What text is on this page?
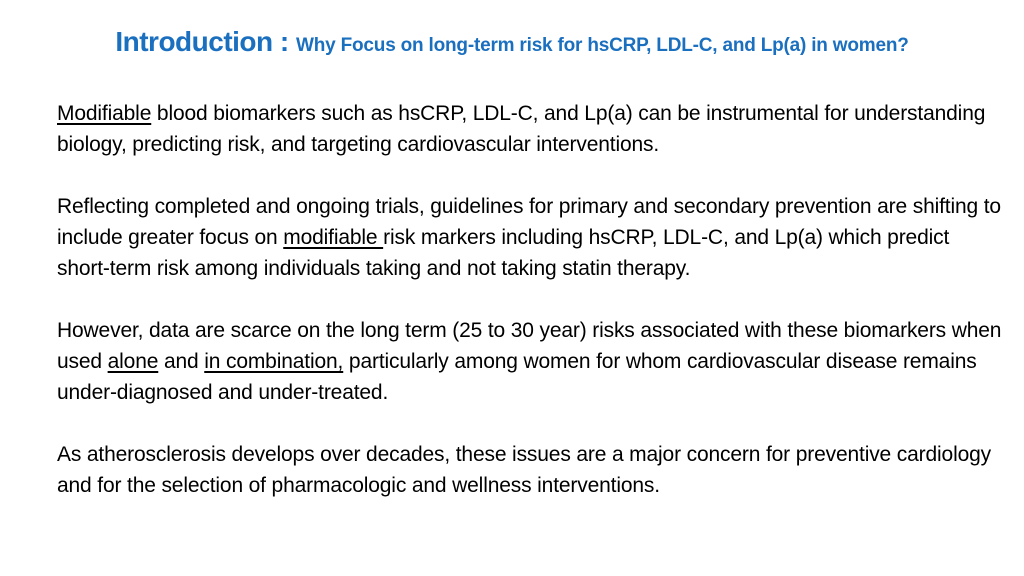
Introduction : Why Focus on long-term risk for hsCRP, LDL-C, and Lp(a) in women?

Modifiable blood biomarkers such as hsCRP, LDL-C, and Lp(a) can be instrumental for understanding biology, predicting risk, and targeting cardiovascular interventions.

Reflecting completed and ongoing trials, guidelines for primary and secondary prevention are shifting to include greater focus on modifiable risk markers including hsCRP, LDL-C, and Lp(a) which predict short-term risk among individuals taking and not taking statin therapy.

However, data are scarce on the long term (25 to 30 year) risks associated with these biomarkers when used alone and in combination, particularly among women for whom cardiovascular disease remains under-diagnosed and under-treated.

As atherosclerosis develops over decades, these issues are a major concern for preventive cardiology and for the selection of pharmacologic and wellness interventions.
